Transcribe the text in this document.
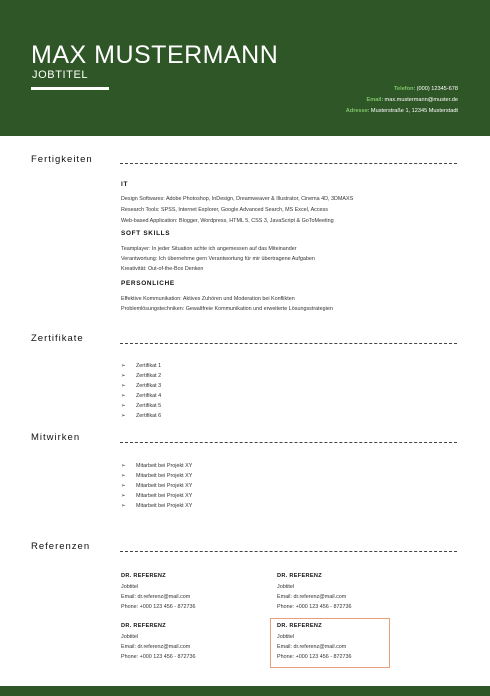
MAX MUSTERMANN
JOBTITEL
Telefon: (000) 12345-678
Email: max.mustermann@muster.de
Adresse: Musterstraße 1, 12345 Musterstadt
Fertigkeiten
IT
Design Softwares: Adobe Photoshop, InDesign, Dreamweaver & Illustrator, Cinema 4D, 3DMAXS
Research Tools: SPSS, Internet Explorer, Google Advanced Search, MS Excel, Access
Web-based Application: Blogger, Wordpress, HTML 5, CSS 3, JavaScript & GoToMeeting
SOFT SKILLS
Teamplayer: In jeder Situation achte ich angemessen auf das Miteinander
Verantwortung: Ich übernehme gern Verantwortung für mir übertragene Aufgaben
Kreativität: Out-of-the-Box Denken
PERSONLICHE
Effektive Kommunikation: Aktives Zuhören und Moderation bei Konflikten
Problemlösungstechniken: Gewaltfreie Kommunikation und erweiterte Lösungsstrategien
Zertifikate
➢	Zertifikat 1
➢	Zertifikat 2
➢	Zertifikat 3
➢	Zertifikat 4
➢	Zertifikat 5
➢	Zertifikat 6
Mitwirken
➢	Mitarbeit bei Projekt XY
➢	Mitarbeit bei Projekt XY
➢	Mitarbeit bei Projekt XY
➢	Mitarbeit bei Projekt XY
➢	Mitarbeit bei Projekt XY
Referenzen
DR. REFERENZ
Jobtitel
Email: dr.referenz@mail.com
Phone: +000 123 456 - 872736
DR. REFERENZ
Jobtitel
Email: dr.referenz@mail.com
Phone: +000 123 456 - 872736
DR. REFERENZ
Jobtitel
Email: dr.referenz@mail.com
Phone: +000 123 456 - 872736
DR. REFERENZ
Jobtitel
Email: dr.referenz@mail.com
Phone: +000 123 456 - 872736
